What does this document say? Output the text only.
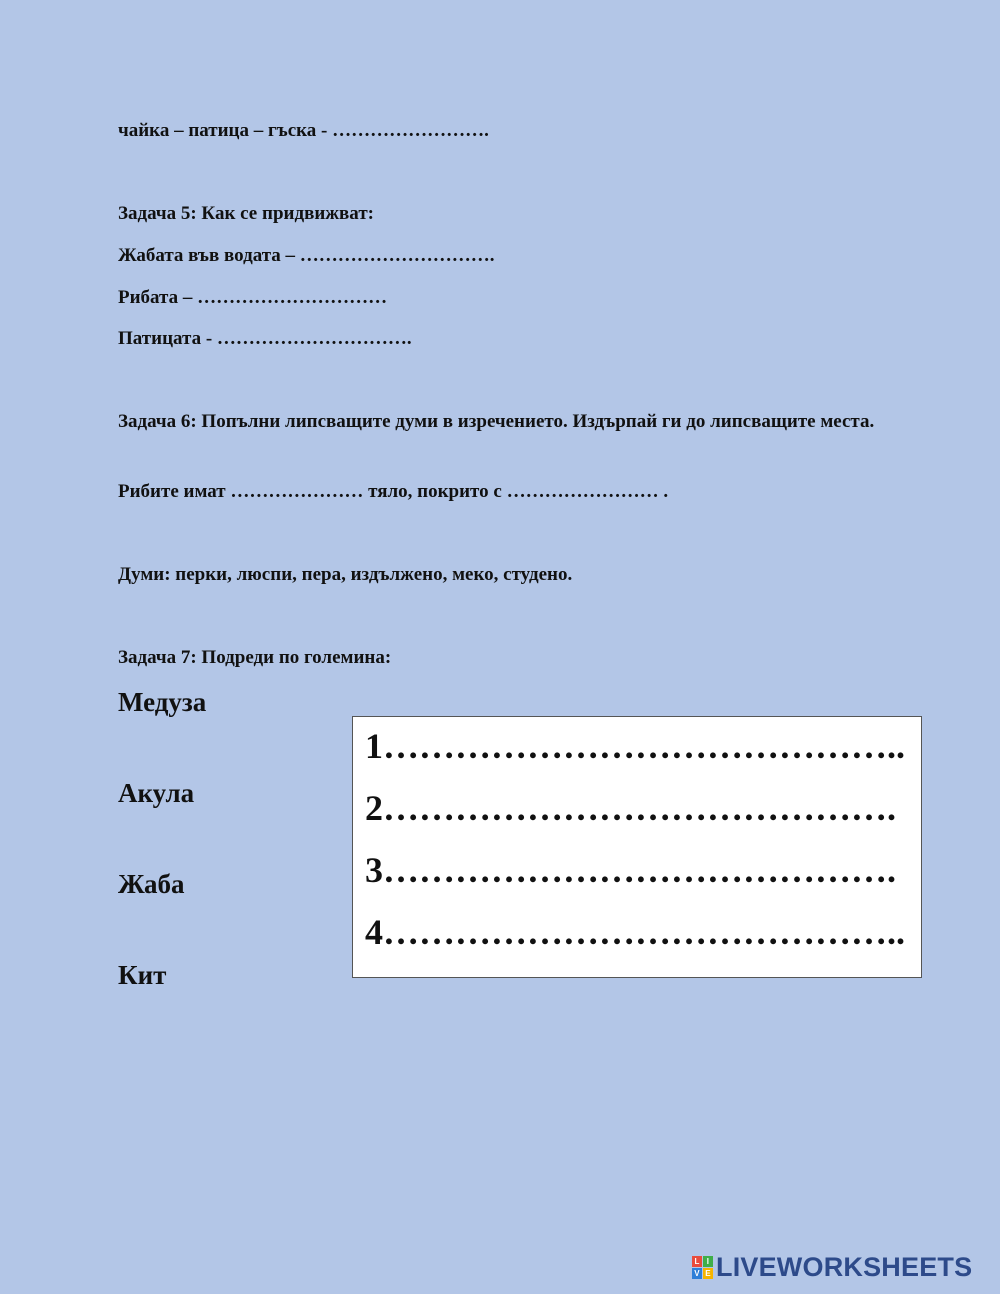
чайка – патица – гъска - …………………….
Задача 5: Как се придвижват:
Жабата във водата – ………………………….
Рибата – …………………………
Патицата - ………………………….
Задача 6: Попълни липсващите думи в изречението. Издърпай ги до липсващите места.
Рибите имат ………………… тяло, покрито с …………………… .
Думи: перки, люспи, пера, издължено, меко, студено.
Задача 7: Подреди по големина:
Медуза
Акула
Жаба
Кит
1……………………………………..
2…………………………………….
3…………………………………….
4……………………………………..
L I
V E LIVEWORKSHEETS
